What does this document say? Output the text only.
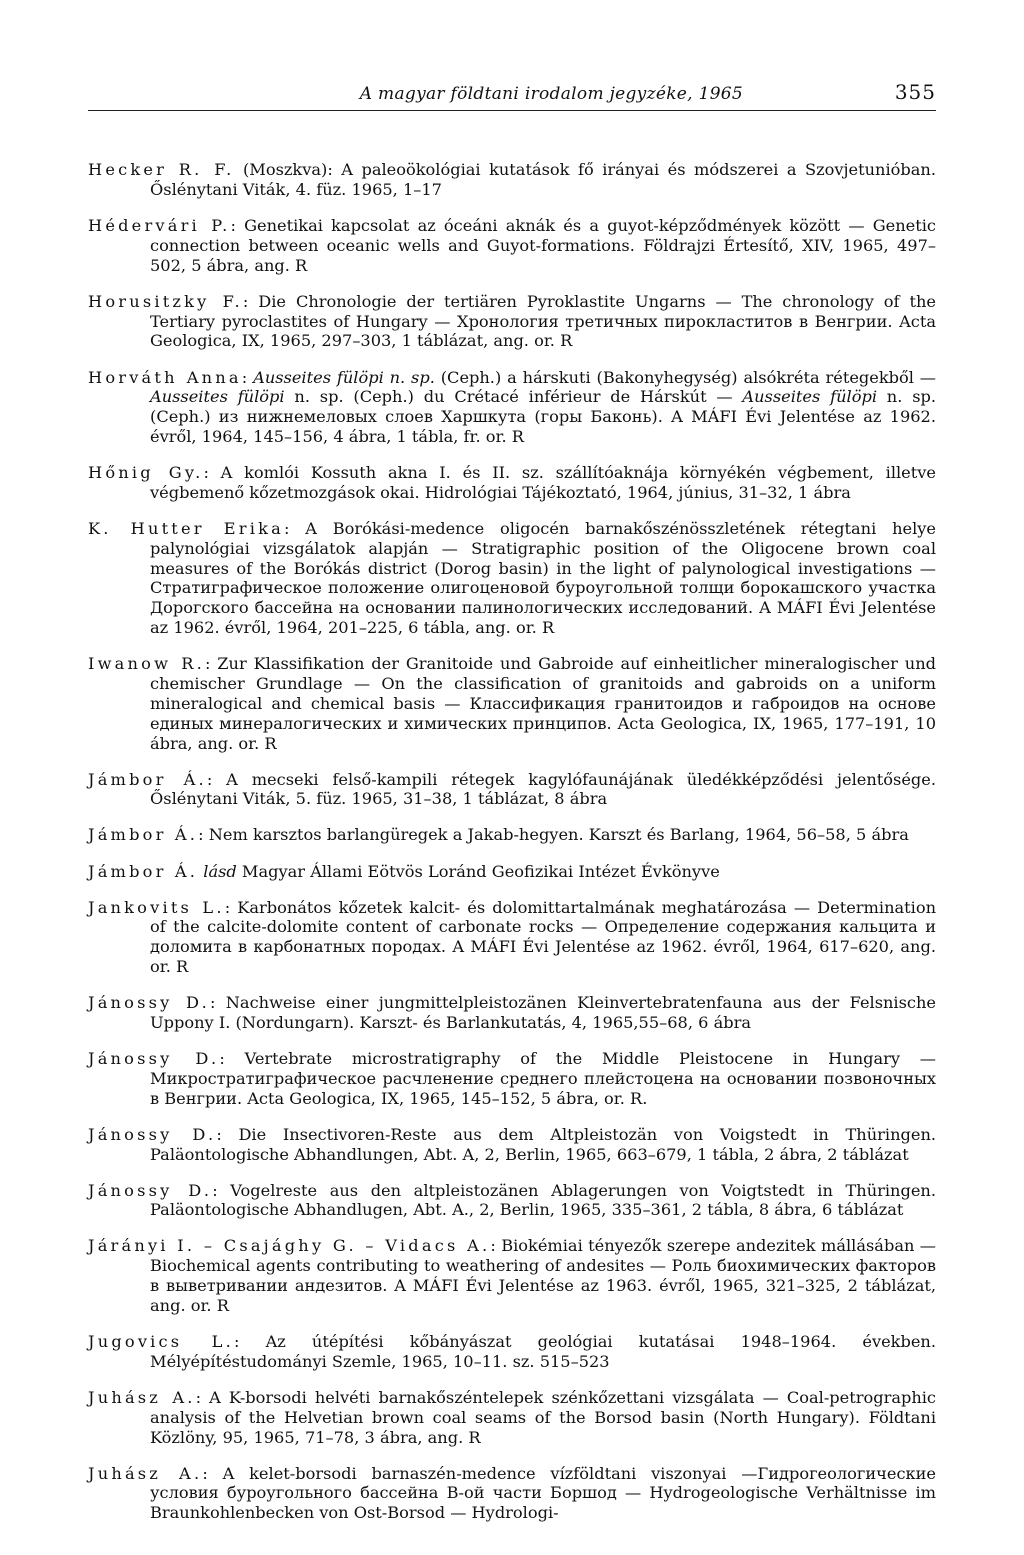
A magyar földtani irodalom jegyzéke, 1965	355

Hecker R. F. (Moszkva): A paleoökológiai kutatások fő irányai és módszerei a Szovjetunióban. Őslénytani Viták, 4. füz. 1965, 1–17

Hédervári P.: Genetikai kapcsolat az óceáni aknák és a guyot-képződmények között — Genetic connection between oceanic wells and Guyot-formations. Földrajzi Értesítő, XIV, 1965, 497–502, 5 ábra, ang. R

Horusitzky F.: Die Chronologie der tertiären Pyroklastite Ungarns — The chronology of the Tertiary pyroclastites of Hungary — Хронология третичных пирокластитов в Венгрии. Acta Geologica, IX, 1965, 297–303, 1 táblázat, ang. or. R

Horváth Anna: Ausseites fülöpi n. sp. (Ceph.) a hárskuti (Bakonyhegység) alsókréta rétegekből — Ausseites fülöpi n. sp. (Ceph.) du Crétacé inférieur de Hárskút — Ausseites fülöpi n. sp. (Ceph.) из нижнемеловых слоев Харшкута (горы Баконь). A MÁFI Évi Jelentése az 1962. évről, 1964, 145–156, 4 ábra, 1 tábla, fr. or. R

Hőnig Gy.: A komlói Kossuth akna I. és II. sz. szállítóaknája környékén végbement, illetve végbemenő kőzetmozgások okai. Hidrológiai Tájékoztató, 1964, június, 31–32, 1 ábra

K. Hutter Erika: A Borókási-medence oligocén barnakőszénösszletének rétegtani helye palynológiai vizsgálatok alapján — Stratigraphic position of the Oligocene brown coal measures of the Borókás district (Dorog basin) in the light of palynological investigations — Стратиграфическое положение олигоценовой буроугольной толщи борокашского участка Дорогского бассейна на основании палинологических исследований. A MÁFI Évi Jelentése az 1962. évről, 1964, 201–225, 6 tábla, ang. or. R

Iwanow R.: Zur Klassifikation der Granitoide und Gabroide auf einheitlicher mineralogischer und chemischer Grundlage — On the classification of granitoids and gabroids on a uniform mineralogical and chemical basis — Классификация гранитоидов и габроидов на основе единых минералогических и химических принципов. Acta Geologica, IX, 1965, 177–191, 10 ábra, ang. or. R

Jámbor Á.: A mecseki felső-kampili rétegek kagylófaunájának üledékképződési jelentősége. Őslénytani Viták, 5. füz. 1965, 31–38, 1 táblázat, 8 ábra

Jámbor Á.: Nem karsztos barlangüregek a Jakab-hegyen. Karszt és Barlang, 1964, 56–58, 5 ábra

Jámbor Á. lásd Magyar Állami Eötvös Loránd Geofizikai Intézet Évkönyve

Jankovits L.: Karbonátos kőzetek kalcit- és dolomittartalmának meghatározása — Determination of the calcite-dolomite content of carbonate rocks — Определение содержания кальцита и доломита в карбонатных породах. A MÁFI Évi Jelentése az 1962. évről, 1964, 617–620, ang. or. R

Jánossy D.: Nachweise einer jungmittelpleistozänen Kleinvertebratenfauna aus der Felsnische Uppony I. (Nordungarn). Karszt- és Barlankutatás, 4, 1965,55–68, 6 ábra

Jánossy D.: Vertebrate microstratigraphy of the Middle Pleistocene in Hungary — Микростратиграфическое расчленение среднего плейстоцена на основании позвоночных в Венгрии. Acta Geologica, IX, 1965, 145–152, 5 ábra, or. R.

Jánossy D.: Die Insectivoren-Reste aus dem Altpleistozän von Voigstedt in Thüringen. Paläontologische Abhandlungen, Abt. A, 2, Berlin, 1965, 663–679, 1 tábla, 2 ábra, 2 táblázat

Jánossy D.: Vogelreste aus den altpleistozänen Ablagerungen von Voigtstedt in Thüringen. Paläontologische Abhandlugen, Abt. A., 2, Berlin, 1965, 335–361, 2 tábla, 8 ábra, 6 táblázat

Járányi I. – Csajághy G. – Vidacs A.: Biokémiai tényezők szerepe andezitek mállásában — Biochemical agents contributing to weathering of andesites — Роль биохимических факторов в выветривании андезитов. A MÁFI Évi Jelentése az 1963. évről, 1965, 321–325, 2 táblázat, ang. or. R

Jugovics L.: Az útépítési kőbányászat geológiai kutatásai 1948–1964. években. Mélyépítéstudományi Szemle, 1965, 10–11. sz. 515–523

Juhász A.: A K-borsodi helvéti barnakőszéntelepek szénkőzettani vizsgálata — Coal-petrographic analysis of the Helvetian brown coal seams of the Borsod basin (North Hungary). Földtani Közlöny, 95, 1965, 71–78, 3 ábra, ang. R

Juhász A.: A kelet-borsodi barnaszén-medence vízföldtani viszonyai —Гидрогеологические условия буроугольного бассейна В-ой части Боршод — Hydrogeologische Verhältnisse im Braunkohlenbecken von Ost-Borsod — Hydrologi-
